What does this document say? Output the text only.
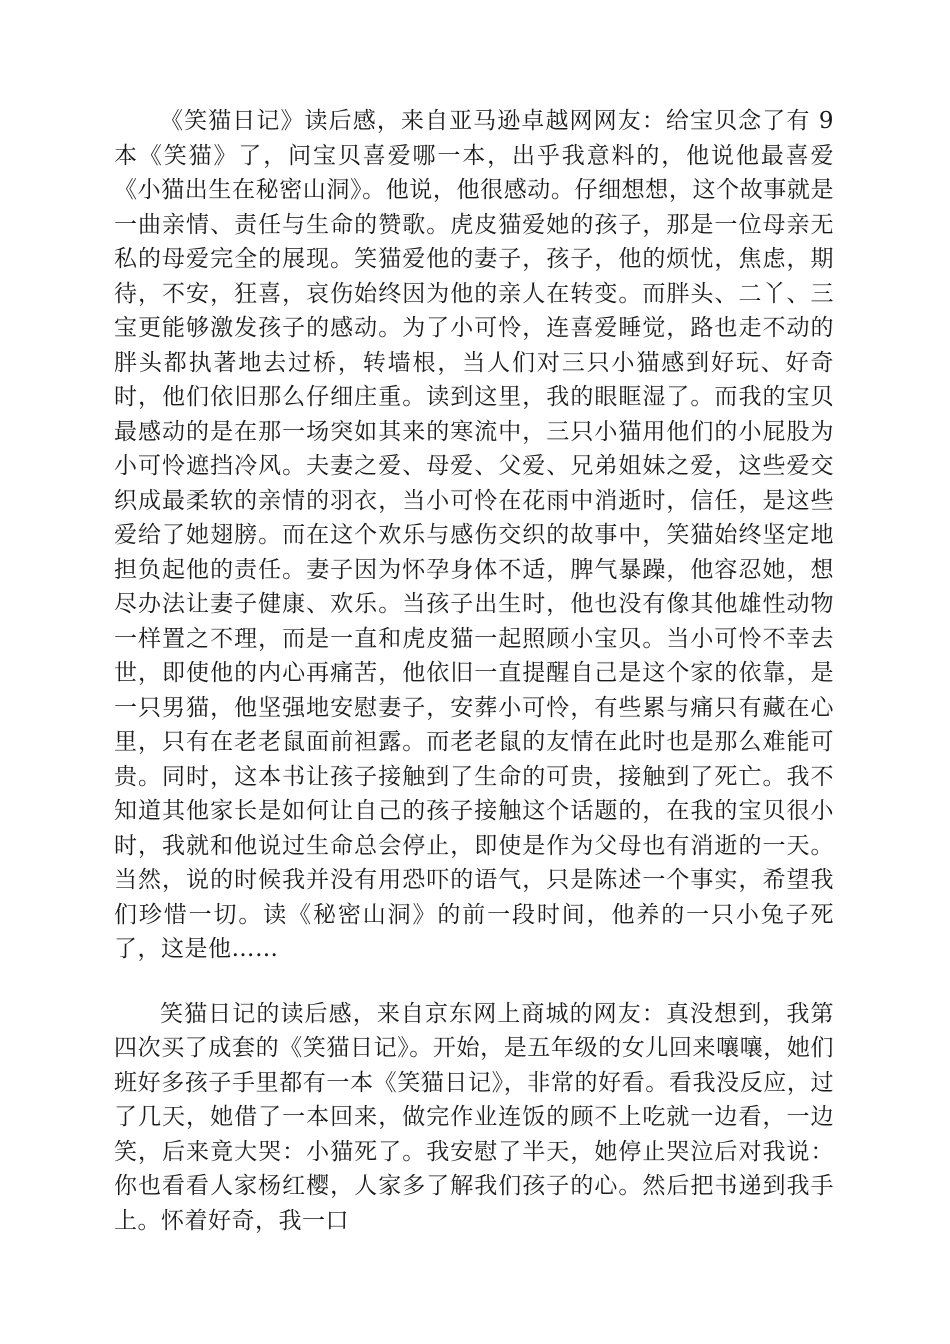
《笑猫日记》读后感，来自亚马逊卓越网网友：给宝贝念了有 9 本《笑猫》了，问宝贝喜爱哪一本，出乎我意料的，他说他最喜爱《小猫出生在秘密山洞》。他说，他很感动。仔细想想，这个故事就是一曲亲情、责任与生命的赞歌。虎皮猫爱她的孩子，那是一位母亲无私的母爱完全的展现。笑猫爱他的妻子，孩子，他的烦忧，焦虑，期待，不安，狂喜，哀伤始终因为他的亲人在转变。而胖头、二丫、三宝更能够激发孩子的感动。为了小可怜，连喜爱睡觉，路也走不动的胖头都执著地去过桥，转墙根，当人们对三只小猫感到好玩、好奇时，他们依旧那么仔细庄重。读到这里，我的眼眶湿了。而我的宝贝最感动的是在那一场突如其来的寒流中，三只小猫用他们的小屁股为小可怜遮挡冷风。夫妻之爱、母爱、父爱、兄弟姐妹之爱，这些爱交织成最柔软的亲情的羽衣，当小可怜在花雨中消逝时，信任，是这些爱给了她翅膀。而在这个欢乐与感伤交织的故事中，笑猫始终坚定地担负起他的责任。妻子因为怀孕身体不适，脾气暴躁，他容忍她，想尽办法让妻子健康、欢乐。当孩子出生时，他也没有像其他雄性动物一样置之不理，而是一直和虎皮猫一起照顾小宝贝。当小可怜不幸去世，即使他的内心再痛苦，他依旧一直提醒自己是这个家的依靠，是一只男猫，他坚强地安慰妻子，安葬小可怜，有些累与痛只有藏在心里，只有在老老鼠面前袒露。而老老鼠的友情在此时也是那么难能可贵。同时，这本书让孩子接触到了生命的可贵，接触到了死亡。我不知道其他家长是如何让自己的孩子接触这个话题的，在我的宝贝很小时，我就和他说过生命总会停止，即使是作为父母也有消逝的一天。当然，说的时候我并没有用恐吓的语气，只是陈述一个事实，希望我们珍惜一切。读《秘密山洞》的前一段时间，他养的一只小兔子死了，这是他……

笑猫日记的读后感，来自京东网上商城的网友：真没想到，我第四次买了成套的《笑猫日记》。开始，是五年级的女儿回来嚷嚷，她们班好多孩子手里都有一本《笑猫日记》，非常的好看。看我没反应，过了几天，她借了一本回来，做完作业连饭的顾不上吃就一边看，一边笑，后来竟大哭：小猫死了。我安慰了半天，她停止哭泣后对我说：你也看看人家杨红樱，人家多了解我们孩子的心。然后把书递到我手上。怀着好奇，我一口
